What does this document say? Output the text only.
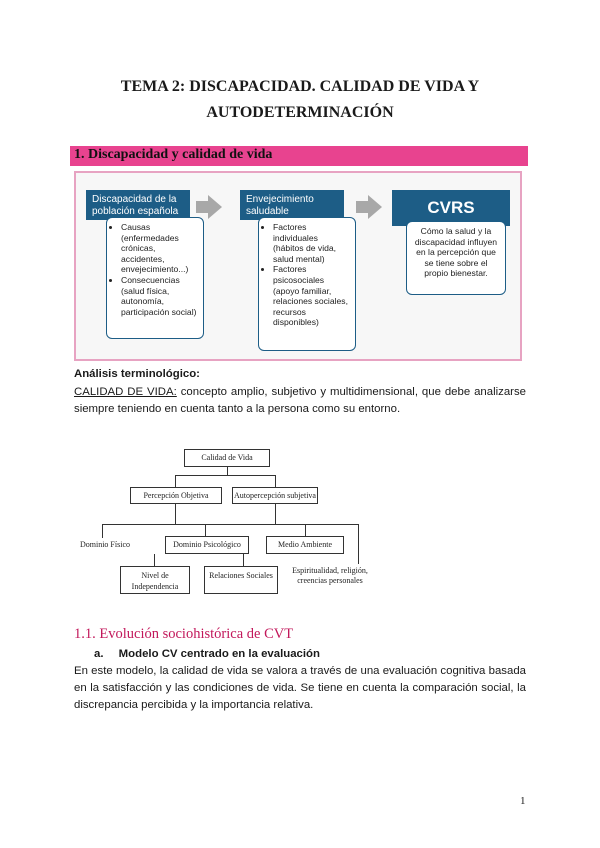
TEMA 2: DISCAPACIDAD. CALIDAD DE VIDA Y
AUTODETERMINACIÓN
1. Discapacidad y calidad de vida
Discapacidad de la población española
• Causas (enfermedades crónicas, accidentes, envejecimiento...)
• Consecuencias (salud física, autonomía, participación social)
Envejecimiento saludable
• Factores individuales (hábitos de vida, salud mental)
• Factores psicosociales (apoyo familiar, relaciones sociales, recursos disponibles)
CVRS

Cómo la salud y la discapacidad influyen en la percepción que se tiene sobre el propio bienestar.

Análisis terminológico:
CALIDAD DE VIDA: concepto amplio, subjetivo y multidimensional, que debe analizarse siempre teniendo en cuenta tanto a la persona como su entorno.
Calidad de Vida
Percepción Objetiva	Autopercepción subjetiva
Dominio Físico	Dominio Psicológico	Medio Ambiente
Nivel de Independencia
Relaciones Sociales
Espiritualidad, religión, creencias personales
1.1. Evolución sociohistórica de CVT
a. Modelo CV centrado en la evaluación
En este modelo, la calidad de vida se valora a través de una evaluación cognitiva basada en la satisfacción y las condiciones de vida. Se tiene en cuenta la comparación social, la discrepancia percibida y la importancia relativa.
1
